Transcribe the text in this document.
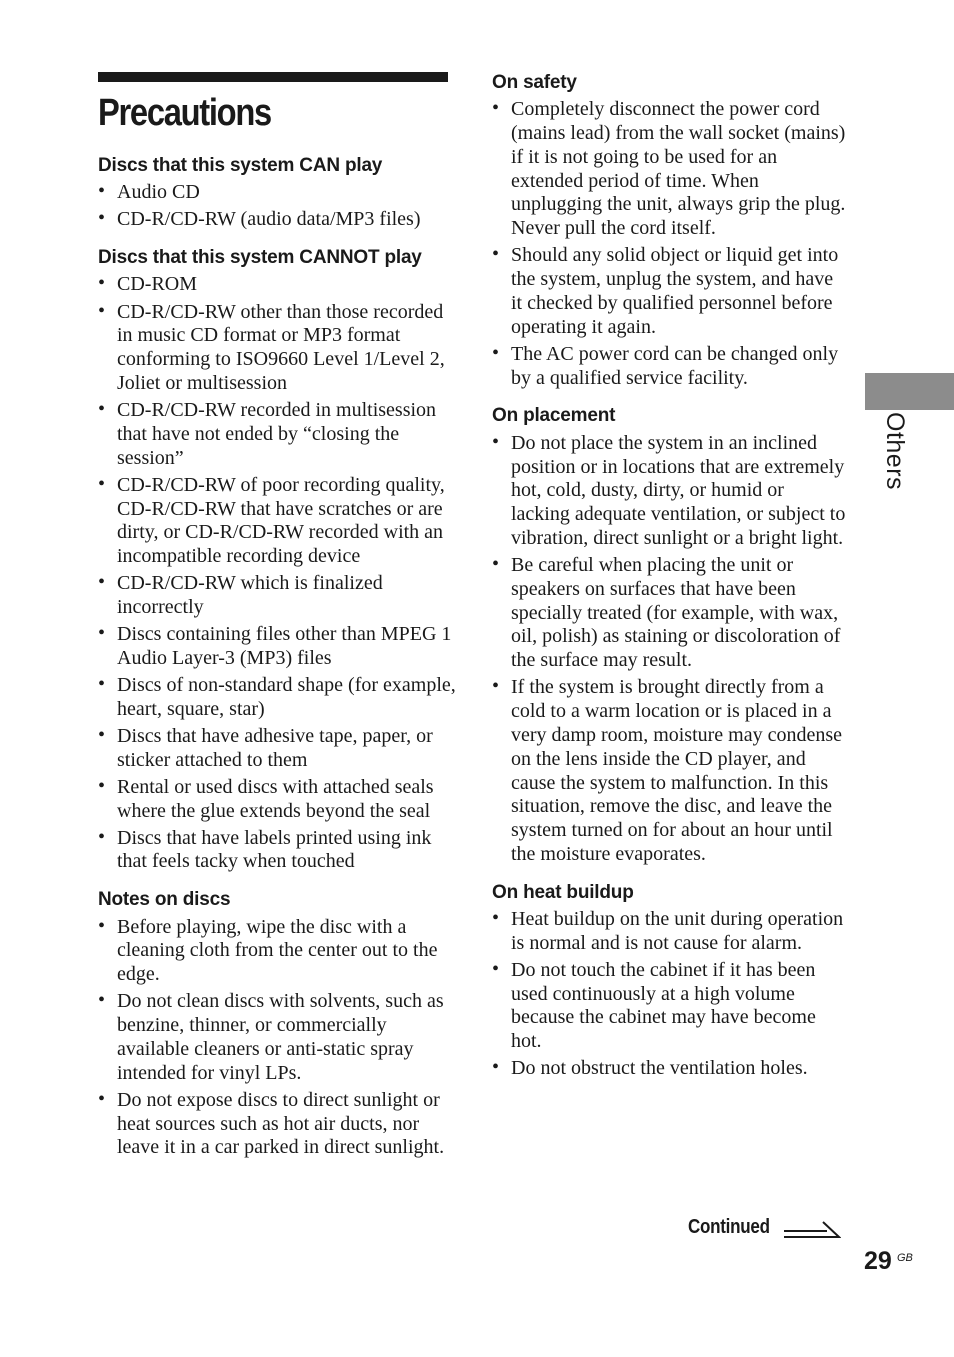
Precautions
Discs that this system CAN play
• Audio CD
• CD-R/CD-RW (audio data/MP3 files)
Discs that this system CANNOT play
• CD-ROM
• CD-R/CD-RW other than those recorded in music CD format or MP3 format conforming to ISO9660 Level 1/Level 2, Joliet or multisession
• CD-R/CD-RW recorded in multisession that have not ended by “closing the session”
• CD-R/CD-RW of poor recording quality, CD-R/CD-RW that have scratches or are dirty, or CD-R/CD-RW recorded with an incompatible recording device
• CD-R/CD-RW which is finalized incorrectly
• Discs containing files other than MPEG 1 Audio Layer-3 (MP3) files
• Discs of non-standard shape (for example, heart, square, star)
• Discs that have adhesive tape, paper, or sticker attached to them
• Rental or used discs with attached seals where the glue extends beyond the seal
• Discs that have labels printed using ink that feels tacky when touched
Notes on discs
• Before playing, wipe the disc with a cleaning cloth from the center out to the edge.
• Do not clean discs with solvents, such as benzine, thinner, or commercially available cleaners or anti-static spray intended for vinyl LPs.
• Do not expose discs to direct sunlight or heat sources such as hot air ducts, nor leave it in a car parked in direct sunlight.
On safety
• Completely disconnect the power cord (mains lead) from the wall socket (mains) if it is not going to be used for an extended period of time. When unplugging the unit, always grip the plug. Never pull the cord itself.
• Should any solid object or liquid get into the system, unplug the system, and have it checked by qualified personnel before operating it again.
• The AC power cord can be changed only by a qualified service facility.
On placement
• Do not place the system in an inclined position or in locations that are extremely hot, cold, dusty, dirty, or humid or lacking adequate ventilation, or subject to vibration, direct sunlight or a bright light.
• Be careful when placing the unit or speakers on surfaces that have been specially treated (for example, with wax, oil, polish) as staining or discoloration of the surface may result.
• If the system is brought directly from a cold to a warm location or is placed in a very damp room, moisture may condense on the lens inside the CD player, and cause the system to malfunction. In this situation, remove the disc, and leave the system turned on for about an hour until the moisture evaporates.
On heat buildup
• Heat buildup on the unit during operation is normal and is not cause for alarm.
• Do not touch the cabinet if it has been used continuously at a high volume because the cabinet may have become hot.
• Do not obstruct the ventilation holes.
Others
Continued
29 GB
